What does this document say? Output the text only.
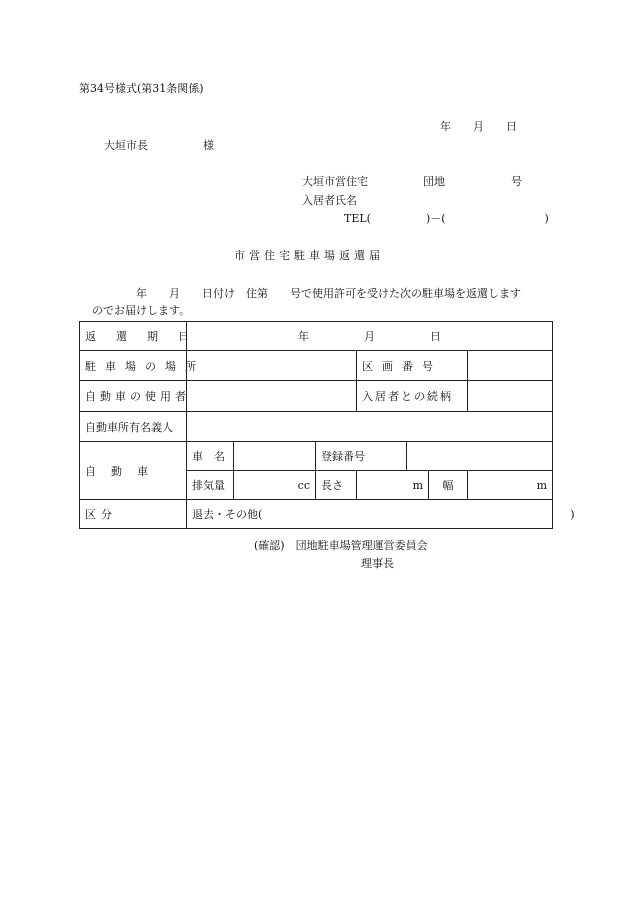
第34号様式(第31条関係)
年　　月　　日
大垣市長　　　　　様
大垣市営住宅　　　　　団地　　　　　　号
入居者氏名
TEL(　　　　　)－(　　　　　　　　　)
市営住宅駐車場返還届
年　　月　　日付け　住第　　号で使用許可を受けた次の駐車場を返還します
のでお届けします。
返還期日	年　　　　　月　　　　　日						
駐車場の場所				区画番号			
自動車の使用者				入居者との続柄			
自動車所有名義人							
自　動　車	車　名		登録番号				
	排気量	cc	長さ	m		幅	m
区分	退去・その他(　　　　　　　　　　　　　　　　　　　　　　　　　　　　)						
(確認)　団地駐車場管理運営委員会
理事長
